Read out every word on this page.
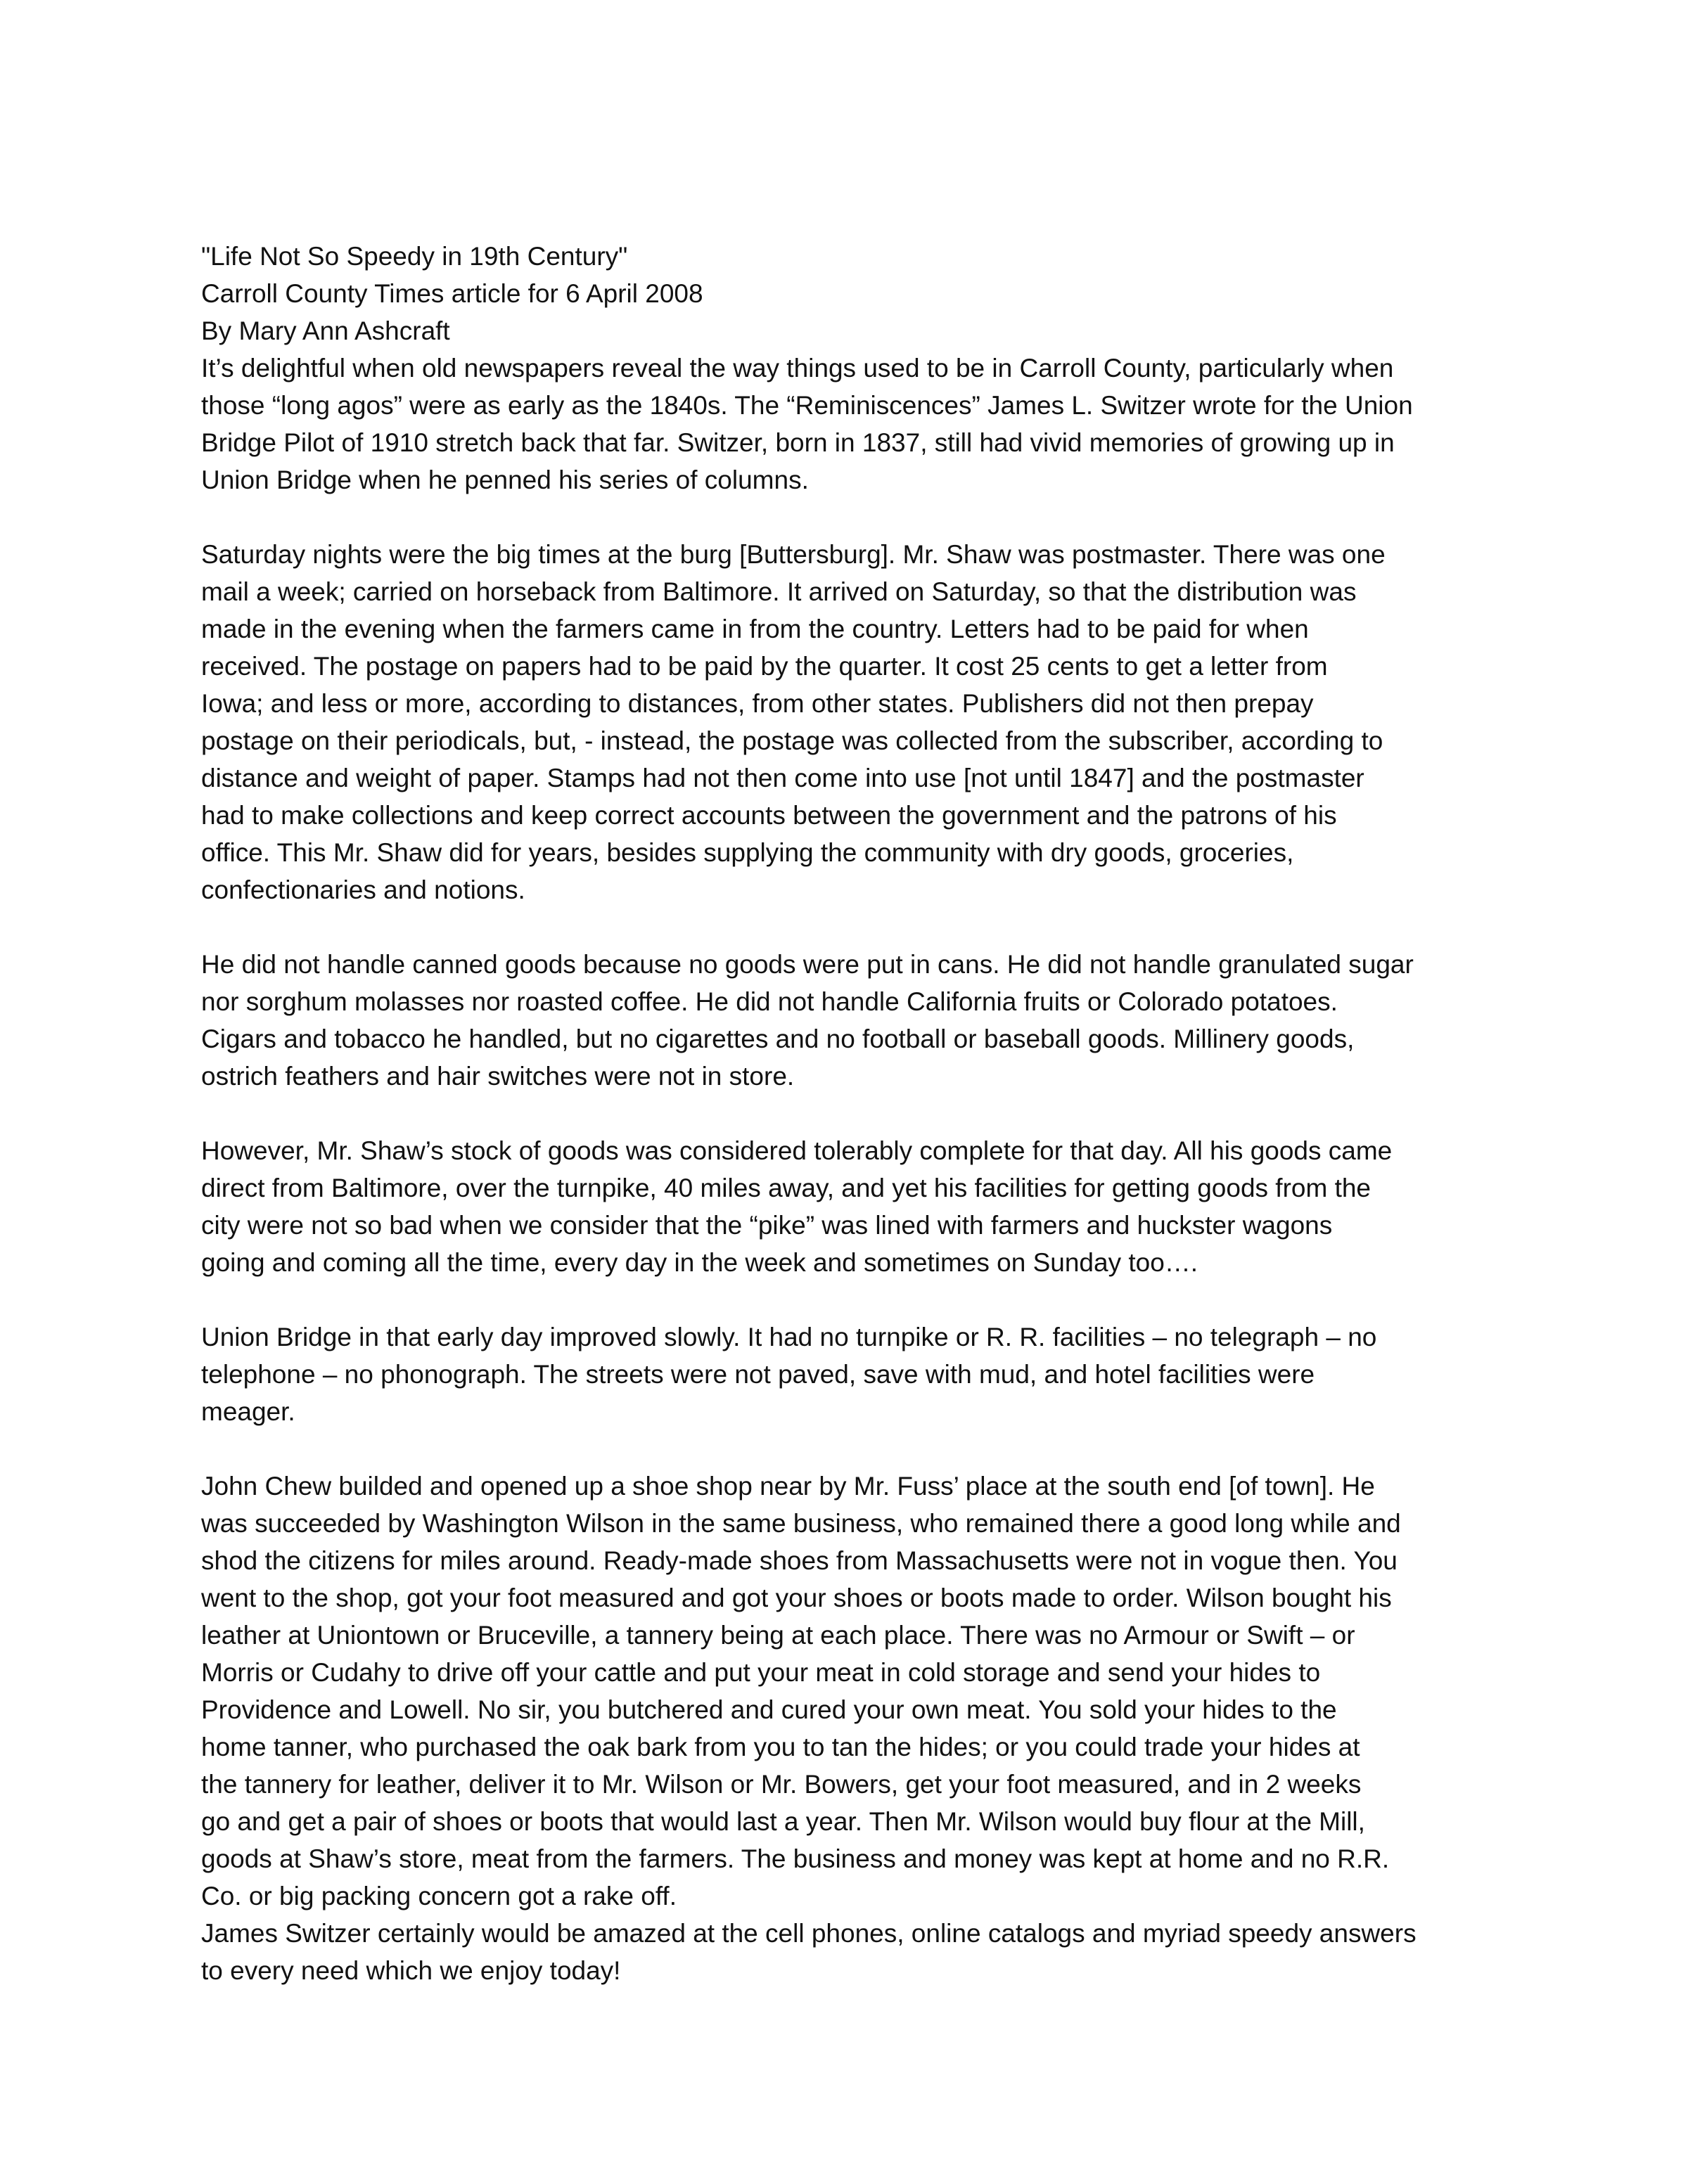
"Life Not So Speedy in 19th Century"
Carroll County Times article for 6 April 2008
By Mary Ann Ashcraft
It’s delightful when old newspapers reveal the way things used to be in Carroll County, particularly when
those “long agos” were as early as the 1840s. The “Reminiscences” James L. Switzer wrote for the Union
Bridge Pilot of 1910 stretch back that far. Switzer, born in 1837, still had vivid memories of growing up in
Union Bridge when he penned his series of columns.
Saturday nights were the big times at the burg [Buttersburg]. Mr. Shaw was postmaster. There was one
mail a week; carried on horseback from Baltimore. It arrived on Saturday, so that the distribution was
made in the evening when the farmers came in from the country. Letters had to be paid for when
received. The postage on papers had to be paid by the quarter. It cost 25 cents to get a letter from
Iowa; and less or more, according to distances, from other states. Publishers did not then prepay
postage on their periodicals, but, - instead, the postage was collected from the subscriber, according to
distance and weight of paper. Stamps had not then come into use [not until 1847] and the postmaster
had to make collections and keep correct accounts between the government and the patrons of his
office. This Mr. Shaw did for years, besides supplying the community with dry goods, groceries,
confectionaries and notions.
He did not handle canned goods because no goods were put in cans. He did not handle granulated sugar
nor sorghum molasses nor roasted coffee. He did not handle California fruits or Colorado potatoes.
Cigars and tobacco he handled, but no cigarettes and no football or baseball goods. Millinery goods,
ostrich feathers and hair switches were not in store.
However, Mr. Shaw’s stock of goods was considered tolerably complete for that day. All his goods came
direct from Baltimore, over the turnpike, 40 miles away, and yet his facilities for getting goods from the
city were not so bad when we consider that the “pike” was lined with farmers and huckster wagons
going and coming all the time, every day in the week and sometimes on Sunday too….
Union Bridge in that early day improved slowly. It had no turnpike or R. R. facilities – no telegraph – no
telephone – no phonograph. The streets were not paved, save with mud, and hotel facilities were
meager.
John Chew builded and opened up a shoe shop near by Mr. Fuss’ place at the south end [of town]. He
was succeeded by Washington Wilson in the same business, who remained there a good long while and
shod the citizens for miles around. Ready-made shoes from Massachusetts were not in vogue then. You
went to the shop, got your foot measured and got your shoes or boots made to order. Wilson bought his
leather at Uniontown or Bruceville, a tannery being at each place. There was no Armour or Swift – or
Morris or Cudahy to drive off your cattle and put your meat in cold storage and send your hides to
Providence and Lowell. No sir, you butchered and cured your own meat. You sold your hides to the
home tanner, who purchased the oak bark from you to tan the hides; or you could trade your hides at
the tannery for leather, deliver it to Mr. Wilson or Mr. Bowers, get your foot measured, and in 2 weeks
go and get a pair of shoes or boots that would last a year. Then Mr. Wilson would buy flour at the Mill,
goods at Shaw’s store, meat from the farmers. The business and money was kept at home and no R.R.
Co. or big packing concern got a rake off.
James Switzer certainly would be amazed at the cell phones, online catalogs and myriad speedy answers
to every need which we enjoy today!
